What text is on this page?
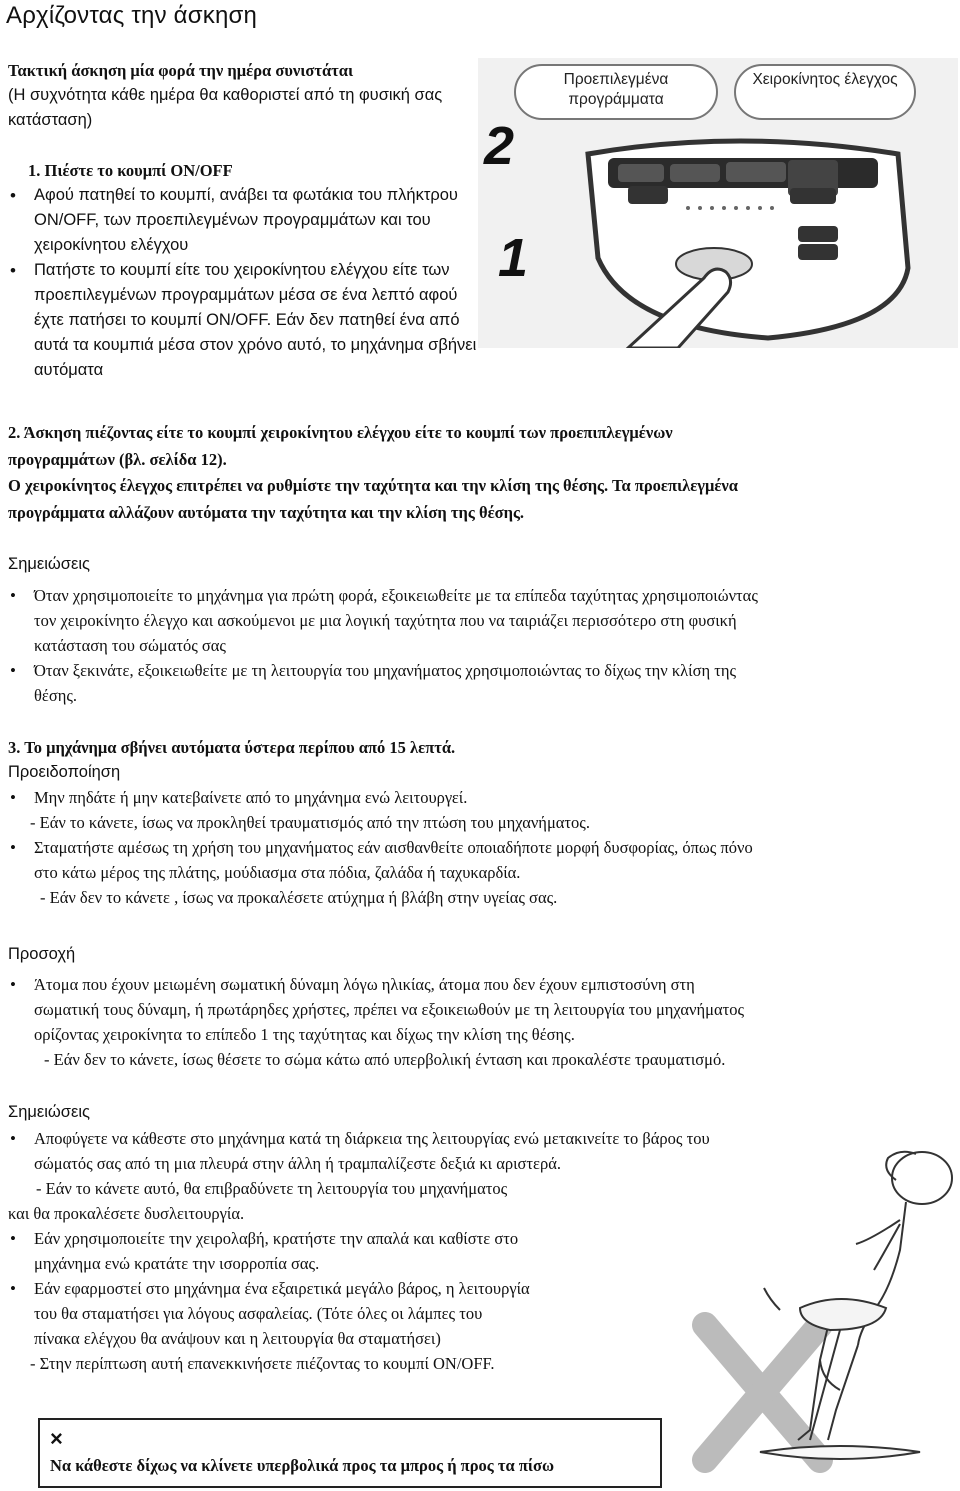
Αρχίζοντας την άσκηση
Τακτική άσκηση μία φορά την ημέρα συνιστάται
(Η συχνότητα κάθε ημέρα θα καθοριστεί από τη φυσική σας κατάσταση)
Προεπιλεγμένα προγράμματα
Χειροκίνητος έλεγχος
2
1
1. Πιέστε το κουμπί ON/OFF
• Αφού πατηθεί το κουμπί, ανάβει τα φωτάκια του πλήκτρου ON/OFF, των προεπιλεγμένων προγραμμάτων και του χειροκίνητου ελέγχου
• Πατήστε το κουμπί είτε του χειροκίνητου ελέγχου είτε των προεπιλεγμένων προγραμμάτων μέσα σε ένα λεπτό αφού έχτε πατήσει το κουμπί ON/OFF. Εάν δεν πατηθεί ένα από αυτά τα κουμπιά μέσα στον χρόνο αυτό, το μηχάνημα σβήνει αυτόματα
2. Άσκηση πιέζοντας είτε το κουμπί χειροκίνητου ελέγχου είτε το κουμπί των προεπιπλεγμένων
προγραμμάτων (βλ. σελίδα 12).
Ο χειροκίνητος έλεγχος επιτρέπει να ρυθμίστε την ταχύτητα και την κλίση της θέσης. Τα προεπιλεγμένα
προγράμματα αλλάζουν αυτόματα την ταχύτητα και την κλίση της θέσης.
Σημειώσεις
• Όταν χρησιμοποιείτε το μηχάνημα για πρώτη φορά, εξοικειωθείτε με τα επίπεδα ταχύτητας χρησιμοποιώντας
τον χειροκίνητο έλεγχο και ασκούμενοι με μια λογική ταχύτητα που να ταιριάζει περισσότερο στη φυσική
κατάσταση του σώματός σας
• Όταν ξεκινάτε, εξοικειωθείτε με τη λειτουργία του μηχανήματος χρησιμοποιώντας το δίχως την κλίση της
θέσης.
3. Το μηχάνημα σβήνει αυτόματα ύστερα περίπου από 15 λεπτά.
Προειδοποίηση
• Μην πηδάτε ή μην κατεβαίνετε από το μηχάνημα ενώ λειτουργεί.
- Εάν το κάνετε, ίσως να προκληθεί τραυματισμός από την πτώση του μηχανήματος.
• Σταματήστε αμέσως τη χρήση του μηχανήματος εάν αισθανθείτε οποιαδήποτε μορφή δυσφορίας, όπως πόνο
στο κάτω μέρος της πλάτης, μούδιασμα στα πόδια, ζαλάδα ή ταχυκαρδία.
- Εάν δεν το κάνετε , ίσως να προκαλέσετε ατύχημα ή βλάβη στην υγείας σας.
Προσοχή
• Άτομα που έχουν μειωμένη σωματική δύναμη λόγω ηλικίας, άτομα που δεν έχουν εμπιστοσύνη στη
σωματική τους δύναμη, ή πρωτάρηδες χρήστες, πρέπει να εξοικειωθούν με τη λειτουργία του μηχανήματος
ορίζοντας χειροκίνητα το επίπεδο 1 της ταχύτητας και δίχως την κλίση της θέσης.
- Εάν δεν το κάνετε, ίσως θέσετε το σώμα κάτω από υπερβολική ένταση και προκαλέστε τραυματισμό.
Σημειώσεις
• Αποφύγετε να κάθεστε στο μηχάνημα κατά τη διάρκεια της λειτουργίας ενώ μετακινείτε το βάρος του
σώματός σας από τη μια πλευρά στην άλλη ή τραμπαλίζεστε δεξιά κι αριστερά.
- Εάν το κάνετε αυτό, θα επιβραδύνετε τη λειτουργία του μηχανήματος
και θα προκαλέσετε δυσλειτουργία.
• Εάν χρησιμοποιείτε την χειρολαβή, κρατήστε την απαλά και καθίστε στο
μηχάνημα ενώ κρατάτε την ισορροπία σας.
• Εάν εφαρμοστεί στο μηχάνημα ένα εξαιρετικά μεγάλο βάρος, η λειτουργία
του θα σταματήσει για λόγους ασφαλείας. (Τότε όλες οι λάμπες του
πίνακα ελέγχου θα ανάψουν και η λειτουργία θα σταματήσει)
- Στην περίπτωση αυτή επανεκκινήσετε πιέζοντας το κουμπί ON/OFF.
×
Να κάθεστε δίχως να κλίνετε υπερβολικά προς τα μπρος ή προς τα πίσω
